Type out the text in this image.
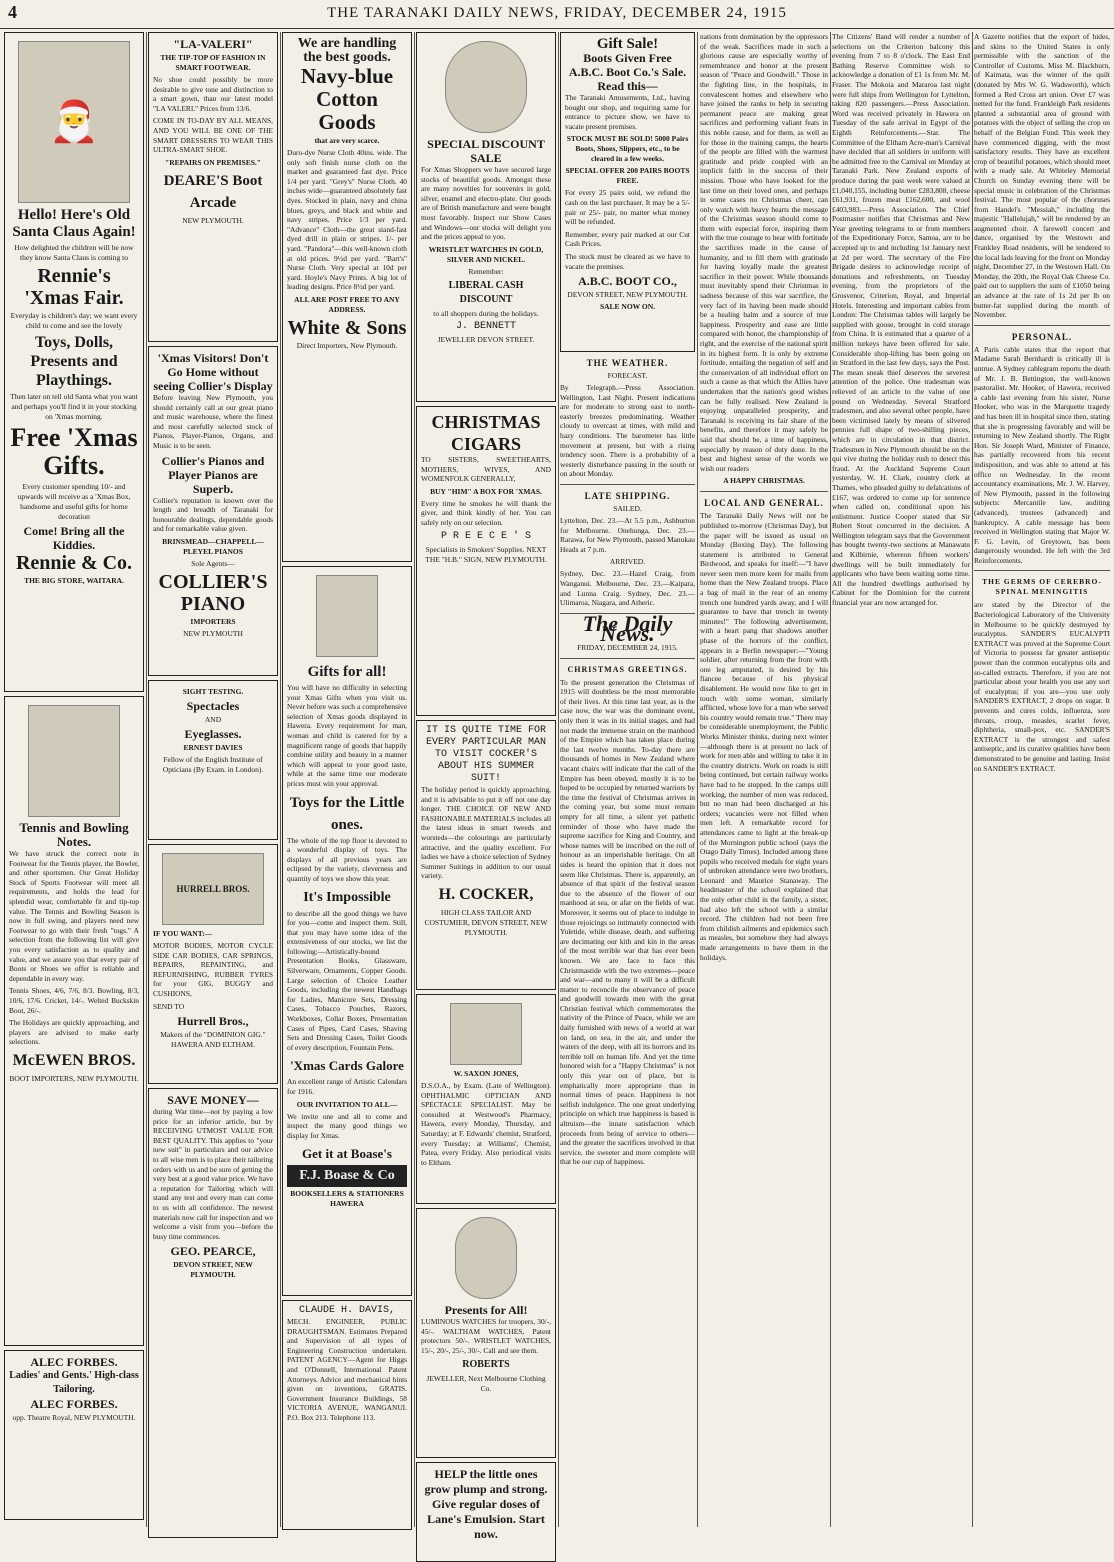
4	THE TARANAKI DAILY NEWS, FRIDAY, DECEMBER 24, 1915
🎅
Hello! Here's Old Santa Claus Again!
How delighted the children will be now they know Santa Claus is coming to
Rennie's 'Xmas Fair.
Everyday is children's day; we want every child to come and see the lovely
Toys, Dolls, Presents and Playthings.
Then later on tell old Santa what you want and perhaps you'll find it in your stocking on 'Xmas morning.
Free 'Xmas Gifts.
Every customer spending 10/- and upwards will receive as a 'Xmas Box, handsome and useful gifts for home decoration
Come! Bring all the Kiddies.
Rennie & Co.
THE BIG STORE, WAITARA.
Tennis and Bowling Notes.

We have struck the correct note in Footwear for the Tennis player, the Bowler, and other sportsmen. Our Great Holiday Stock of Sports Footwear will meet all requirements, and holds the lead for splendid wear, comfortable fit and tip-top value. The Tennis and Bowling Season is now in full swing, and players need new Footwear to go with their fresh "togs." A selection from the following list will give you every satisfaction as to quality and value, and we assure you that every pair of Boots or Shoes we offer is reliable and dependable in every way.

Tennis Shoes, 4/6, 7/6, 8/3. Bowling, 8/3, 10/6, 17/6. Cricket, 14/-. Welted Buckskin Boot, 26/-.

The Holidays are quickly approaching, and players are advised to make early selections.

McEWEN BROS.
BOOT IMPORTERS, NEW PLYMOUTH.
ALEC FORBES.
Ladies' and Gents.' High-class Tailoring.
ALEC FORBES.
opp. Theatre Royal, NEW PLYMOUTH.
"LA-VALERI"
THE TIP-TOP OF FASHION IN SMART FOOTWEAR.

No shoe could possibly be more desirable to give tone and distinction to a smart gown, than our latest model "LA VALERI." Prices from 13/6.

COME IN TO-DAY BY ALL MEANS, AND YOU WILL BE ONE OF THE SMART DRESSERS TO WEAR THIS ULTRA-SMART SHOE.

"REPAIRS ON PREMISES."
DEARE'S Boot Arcade
NEW PLYMOUTH.
'Xmas Visitors! Don't Go Home without seeing Collier's Display

Before leaving New Plymouth, you should certainly call at our great piano and music warehouse, where the finest and most carefully selected stock of Pianos, Player-Pianos, Organs, and Music is to be seen.

Collier's Pianos and Player Pianos are Superb.

Collier's reputation is known over the length and breadth of Taranaki for honourable dealings, dependable goods and for remarkable value given.

BRINSMEAD—CHAPPELL—PLEYEL PIANOS
Sole Agents—
COLLIER'S PIANO
IMPORTERS
NEW PLYMOUTH
SIGHT TESTING.
Spectacles
AND
Eyeglasses.
ERNEST DAVIES
Fellow of the English Institute of Opticians (By Exam. in London).
HURRELL BROS.
IF YOU WANT:—

MOTOR BODIES, MOTOR CYCLE SIDE CAR BODIES, CAR SPRINGS, REPAIRS, REPAINTING, and REFURNISHING, RUBBER TYRES for your GIG, BUGGY and CUSHIONS,

SEND TO
Hurrell Bros.,
Makers of the "DOMINION GIG." HAWERA AND ELTHAM.
SAVE MONEY—

during War time—not by paying a low price for an inferior article, but by RECEIVING UTMOST VALUE FOR BEST QUALITY. This applies to "your new suit" in particulars and our advice to all wise men is to place their tailoring orders with us and be sure of getting the very best at a good value price. We have a reputation for Tailoring which will stand any test and every man can come to us with all confidence. The newest materials now call for inspection and we welcome a visit from you—before the busy time commences.

GEO. PEARCE,
DEVON STREET, NEW PLYMOUTH.
We are handling the best goods.
Navy-blue Cotton Goods
that are very scarce.

Duro-dye Nurse Cloth 40ins. wide. The only soft finish nurse cloth on the market and guaranteed fast dye. Price 1/4 per yard. "Grey's" Nurse Cloth. 40 inches wide—guaranteed absolutely fast dyes. Stocked in plain, navy and china blues, greys, and black and white and navy stripes. Price 1/3 per yard. "Advance" Cloth—the great stand-fast dyed drill in plain or stripes. 1/- per yard. "Pandora"—this well-known cloth at old prices. 9½d per yard. "Bart's" Nurse Cloth. Very special at 10d per yard. Hoyle's Navy Prints. A big lot of leading designs. Price 8½d per yard.

ALL ARE POST FREE TO ANY ADDRESS.
White & Sons
Direct Importers, New Plymouth.
Gifts for all!

You will have no difficulty in selecting your Xmas Gifts when you visit us. Never before was such a comprehensive selection of Xmas goods displayed in Hawera. Every requirement for man, woman and child is catered for by a magnificent range of goods that happily combine utility and beauty in a manner which will appeal to your good taste, while at the same time our moderate prices must win your approval.

Toys for the Little ones.

The whole of the top floor is devoted to a wonderful display of toys. The displays of all previous years are eclipsed by the variety, cleverness and quantity of toys we show this year.

It's Impossible

to describe all the good things we have for you—come and inspect them. Still, that you may have some idea of the extensiveness of our stocks, we list the following:—Artistically-bound Presentation Books, Glassware, Silverware, Ornaments, Copper Goods. Large selection of Choice Leather Goods, including the newest Handbags for Ladies, Manicure Sets, Dressing Cases, Tobacco Pouches, Razors, Workboxes, Collar Boxes, Presentation Cases of Pipes, Card Cases, Shaving Sets and Dressing Cases, Toilet Goods of every description, Fountain Pens.

'Xmas Cards Galore

An excellent range of Artistic Calendars for 1916.

OUR INVITATION TO ALL—

We invite one and all to come and inspect the many good things we display for Xmas.

Get it at Boase's
F.J. Boase & Co
BOOKSELLERS & STATIONERS HAWERA
CLAUDE H. DAVIS,

MECH. ENGINEER, PUBLIC DRAUGHTSMAN. Estimates Prepared and Supervision of all types of Engineering Construction undertaken. PATENT AGENCY—Agent for Higgs and O'Donnell, International Patent Attorneys. Advice and mechanical hints given on inventions, GRATIS. Government Insurance Buildings, 58 VICTORIA AVENUE, WANGANUI. P.O. Box 213. Telephone 113.

SPECIAL DISCOUNT SALE

For Xmas Shoppers we have secured large stocks of beautiful goods. Amongst these are many novelties for souvenirs in gold, silver, enamel and electro-plate. Our goods are of British manufacture and were bought most favorably. Inspect our Show Cases and Windows—our stocks will delight you and the prices appeal to you.

WRISTLET WATCHES IN GOLD, SILVER AND NICKEL.
Remember:
LIBERAL CASH DISCOUNT
to all shoppers during the holidays.
J. BENNETT
JEWELLER DEVON STREET.
CHRISTMAS CIGARS

TO SISTERS, SWEETHEARTS, MOTHERS, WIVES, AND WOMENFOLK GENERALLY,

BUY "HIM" A BOX FOR 'XMAS.

Every time he smokes he will thank the giver, and think kindly of her. You can safely rely on our selection.

P R E E C E ' S
Specialists in Smokers' Supplies. NEXT THE "H.B." SIGN, NEW PLYMOUTH.
IT IS QUITE TIME FOR EVERY PARTICULAR MAN TO VISIT COCKER'S ABOUT HIS SUMMER SUIT!

The holiday period is quickly approaching, and it is advisable to put it off not one day longer. THE CHOICE OF NEW AND FASHIONABLE MATERIALS includes all the latest ideas in smart tweeds and worsteds—the colourings are particularly attractive, and the quality excellent. For ladies we have a choice selection of Sydney Summer Suitings in addition to our usual variety.

H. COCKER,
HIGH CLASS TAILOR AND COSTUMIER, DEVON STREET, NEW PLYMOUTH.
W. SAXON JONES,

D.S.O.A., by Exam. (Late of Wellington). OPHTHALMIC OPTICIAN AND SPECTACLE SPECIALIST. May be consulted at Westwood's Pharmacy, Hawera, every Monday, Thursday, and Saturday; at F. Edwards' chemist, Stratford, every Tuesday; at Williams', Chemist, Patea, every Friday. Also periodical visits to Eltham.

Presents for All!

LUMINOUS WATCHES for troopers, 30/-, 45/-. WALTHAM WATCHES, Patent protectors 50/-. WRISTLET WATCHES, 15/-, 20/-, 25/-, 30/-. Call and see them.

ROBERTS
JEWELLER, Next Melbourne Clothing Co.
HELP the little ones grow plump and strong. Give regular doses of Lane's Emulsion. Start now.
Gift Sale!
Boots Given Free
A.B.C. Boot Co.'s Sale.
Read this—

The Taranaki Amusements, Ltd., having bought our shop, and requiring same for entrance to picture show, we have to vacate present premises.

STOCK MUST BE SOLD! 5000 Pairs Boots, Shoes, Slippers, etc., to be cleared in a few weeks.
SPECIAL OFFER 200 PAIRS BOOTS FREE.

For every 25 pairs sold, we refund the cash on the last purchaser. It may be a 5/- pair or 25/- pair, no matter what money will be refunded.

Remember, every pair marked at our Cut Cash Prices.

The stock must be cleared as we have to vacate the premises.

A.B.C. BOOT CO.,
DEVON STREET, NEW PLYMOUTH.
SALE NOW ON.
THE WEATHER.
FORECAST.

By Telegraph.—Press Association. Wellington, Last Night. Present indications are for moderate to strong east to north-easterly breezes predominating. Weather cloudy to overcast at times, with mild and hazy conditions. The barometer has little movement at present, but with a rising tendency soon. There is a probability of a westerly disturbance passing in the south or on about Monday.

LATE SHIPPING.
SAILED.

Lyttelton, Dec. 23.—At 5.5 p.m., Ashburton for Melbourne. Onehunga, Dec. 23.—Rarawa, for New Plymouth, passed Manukau Heads at 7 p.m.

ARRIVED.

Sydney, Dec. 23.—Hazel Craig, from Wanganui. Melbourne, Dec. 23.—Kaipara, and Lunna Craig. Sydney, Dec. 23.—Ulimaroa, Niagara, and Atheric.

The Daily News.
FRIDAY, DECEMBER 24, 1915.
CHRISTMAS GREETINGS.

To the present generation the Christmas of 1915 will doubtless be the most memorable of their lives. At this time last year, as is the case now, the war was the dominant event, only then it was in its initial stages, and had not made the immense strain on the manhood of the Empire which has taken place during the last twelve months. To-day there are thousands of homes in New Zealand where vacant chairs will indicate that the call of the Empire has been obeyed, mostly it is to be hoped to be occupied by returned warriors by the time the festival of Christmas arrives in the coming year, but some must remain empty for all time, a silent yet pathetic reminder of those who have made the supreme sacrifice for King and Country, and whose names will be inscribed on the roll of honour as an imperishable heritage. On all sides is heard the opinion that it does not seem like Christmas. There is, apparently, an absence of that spirit of the festival season due to the absence of the flower of our manhood at sea, or afar on the fields of war. Moreover, it seems out of place to indulge in those rejoicings so intimately connected with Yuletide, while disease, death, and suffering are decimating our kith and kin in the areas of the most terrible war that has ever been known. We are face to face this Christmastide with the two extremes—peace and war—and to many it will be a difficult matter to reconcile the observance of peace and goodwill towards men with the great Christian festival which commemorates the nativity of the Prince of Peace, while we are daily furnished with news of a world at war on land, on sea, in the air, and under the waters of the deep, with all its horrors and its terrible toll on human life. And yet the time honored wish for a "Happy Christmas" is not only this year out of place, but is emphatically more appropriate than in normal times of peace. Happiness is not selfish indulgence. The one great underlying principle on which true happiness is based is altruism—the innate satisfaction which proceeds from being of service to others—and the greater the sacrifices involved in that service, the sweeter and more complete will that be our cup of happiness.

nations from domination by the oppressors of the weak. Sacrifices made in such a glorious cause are especially worthy of remembrance and honor at the present season of "Peace and Goodwill." Those in the fighting line, in the hospitals, in convalescent homes and elsewhere who have joined the ranks to help in securing permanent peace are making great sacrifices and performing valiant feats in this noble cause, and for them, as well as for those in the training camps, the hearts of the people are filled with the warmest gratitude and pride coupled with an implicit faith in the success of their mission. Those who have looked for the last time on their loved ones, and perhaps in some cases no Christmas cheer, can only watch with heavy hearts the message of the Christmas season should come to them with especial force, inspiring them with the true courage to bear with fortitude the sacrifices made in the cause of humanity, and to fill them with gratitude for having loyally made the greatest sacrifice in their power. While thousands must inevitably spend their Christmas in sadness because of this war sacrifice, the very fact of its having been made should be a healing balm and a source of true happiness. Prosperity and ease are little compared with honor, the championship of right, and the exercise of the national spirit in its highest form. It is only by extreme fortitude, entailing the negation of self and the conservation of all individual effort on such a cause as that which the Allies have undertaken that the nation's good wishes can be fully realised. New Zealand is enjoying unparalleled prosperity, and Taranaki is receiving its fair share of the benefits, and therefore it may safely be said that should be, a time of happiness, especially by reason of duty done. In the best and highest sense of the words we wish our readers

A HAPPY CHRISTMAS.
LOCAL AND GENERAL.

The Taranaki Daily News will not be published to-morrow (Christmas Day), but the paper will be issued as usual on Monday (Boxing Day). The following statement is attributed to General Birdwood, and speaks for itself:—"I have never seen men more keen for mails from home than the New Zealand troops. Place a bag of mail in the rear of an enemy trench one hundred yards away, and I will guarantee to have that trench in twenty minutes!" The following advertisement, with a heart pang that shadows another phase of the horrors of the conflict, appears in a Berlin newspaper:—"Young soldier, after returning from the front with one leg amputated, is desired by his fiancee because of his physical disablement. He would now like to get in touch with some woman, similarly afflicted, whose love for a man who served his country would remain true." There may be considerable unemployment, the Public Works Minister thinks, during next winter—although there is at present no lack of work for men able and willing to take it in the country districts. Work on roads is still being continued, but certain railway works have had to be stopped. In the camps still working, the number of men was reduced, but no man had been discharged at his orders; vacancies were not filled when men left. A remarkable record for attendances came to light at the break-up of the Mornington public school (says the Otago Daily Times). Included among three pupils who received medals for eight years of unbroken attendance were two brothers, Leonard and Maurice Stanaway. The headmaster of the school explained that the only other child in the family, a sister, had also left the school with a similar record. The children had not been free from childish ailments and epidemics such as measles, but somehow they had always made arrangements to have them in the holidays.

The Citizens' Band will render a number of selections on the Criterion balcony this evening from 7 to 8 o'clock. The East End Bathing Reserve Committee wish to acknowledge a donation of £1 1s from Mr. M. Fraser. The Mokoia and Mararoa last night were full ships from Wellington for Lyttelton, taking 820 passengers.—Press Association. Word was received privately in Hawera on Tuesday of the safe arrival in Egypt of the Eighth Reinforcements.—Star. The Committee of the Eltham Acre-man's Carnival have decided that all soldiers in uniform will be admitted free to the Carnival on Monday at Taranaki Park. New Zealand exports of produce during the past week were valued at £1,040,155, including butter £283,808, cheese £61,931, frozen meat £162,600, and wool £403,983.—Press Association. The Chief Postmaster notifies that Christmas and New Year greeting telegrams to or from members of the Expeditionary Force, Samoa, are to be accepted up to and including 1st January next at 2d per word. The secretary of the Fire Brigade desires to acknowledge receipt of donations and refreshments, on Tuesday evening, from the proprietors of the Grosvenor, Criterion, Royal, and Imperial Hotels. Interesting and important cables from London: The Christmas tables will largely be supplied with goose, brought in cold storage from China. It is estimated that a quarter of a million turkeys have been offered for sale. Considerable shop-lifting has been going on in Stratford in the last few days, says the Post. The mean sneak thief deserves the severest attention of the police. One tradesman was relieved of an article to the value of one pound on Wednesday. Several Stratford tradesmen, and also several other people, have been victimised lately by means of silvered pennies full shape of two-shilling pieces, which are in circulation in that district. Tradesmen in New Plymouth should be on the qui vive during the holiday rush to detect this fraud. At the Auckland Supreme Court yesterday, W. H. Clark, country clerk at Thames, who pleaded guilty to defalcations of £167, was ordered to come up for sentence when called on, conditional upon his enlistment. Justice Cooper stated that Sir Robert Stout concurred in the decision. A Wellington telegram says that the Government has bought twenty-two sections at Manawatu and Kilbirnie, whereon fifteen workers' dwellings will be built immediately for applicants who have been waiting some time. All the hundred dwellings authorised by Cabinet for the Dominion for the current financial year are now arranged for.

A Gazette notifies that the export of hides, and skins to the United States is only permissible with the sanction of the Controller of Customs. Miss M. Blackburn, of Kaimata, was the winner of the quilt (donated by Mrs W. G. Wadsworth), which formed a Red Cross art union. Over £7 was netted for the fund. Frankleigh Park residents planted a substantial area of ground with potatoes with the object of selling the crop on behalf of the Belgian Fund. This week they have commenced digging, with the most satisfactory results. They have an excellent crop of beautiful potatoes, which should meet with a ready sale. At Whiteley Memorial Church on Sunday evening there will be special music in celebration of the Christmas festival. The most popular of the choruses from Handel's "Messiah," including the majestic "Hallelujah," will be rendered by an augmented choir. A farewell concert and dance, organised by the Westown and Frankley Road residents, will be tendered to the local lads leaving for the front on Monday night, December 27, in the Westown Hall. On Monday, the 20th, the Royal Oak Cheese Co. paid out to suppliers the sum of £1050 being an advance at the rate of 1s 2d per lb on butter-fat supplied during the month of November.

PERSONAL.

A Paris cable states that the report that Madame Sarah Bernhardt is critically ill is untrue. A Sydney cablegram reports the death of Mr. J. B. Bettington, the well-known pastoralist. Mr. Hooker, of Hawera, received a cable last evening from his sister, Nurse Hooker, who was in the Marquette tragedy and has been ill in hospital since then, stating that she is progressing favorably and will be returning to New Zealand shortly. The Right Hon. Sir Joseph Ward, Minister of Finance, has partially recovered from his recent indisposition, and was able to attend at his office on Wednesday. In the recent accountancy examinations, Mr. J. W. Harvey, of New Plymouth, passed in the following subjects: Mercantile law, auditing (advanced), trustees (advanced) and bankruptcy. A cable message has been received in Wellington stating that Major W. F. G. Levin, of Greytown, has been dangerously wounded. He left with the 3rd Reinforcements.

THE GERMS OF CEREBRO-SPINAL MENINGITIS

are stated by the Director of the Bacteriological Laboratory of the University in Melbourne to be quickly destroyed by eucalyptus. SANDER'S EUCALYPTI EXTRACT was proved at the Supreme Court of Victoria to possess far greater antiseptic power than the common eucalyptus oils and so-called extracts. Therefore, if you are not particular about your health you use any sort of eucalyptus; if you are—you use only SANDER'S EXTRACT, 2 drops on sugar. It prevents and cures colds, influenza, sore throats, croup, measles, scarlet fever, diphtheria, small-pox, etc. SANDER'S EXTRACT is the strongest and safest antiseptic, and its curative qualities have been demonstrated to be genuine and lasting. Insist on SANDER'S EXTRACT.
